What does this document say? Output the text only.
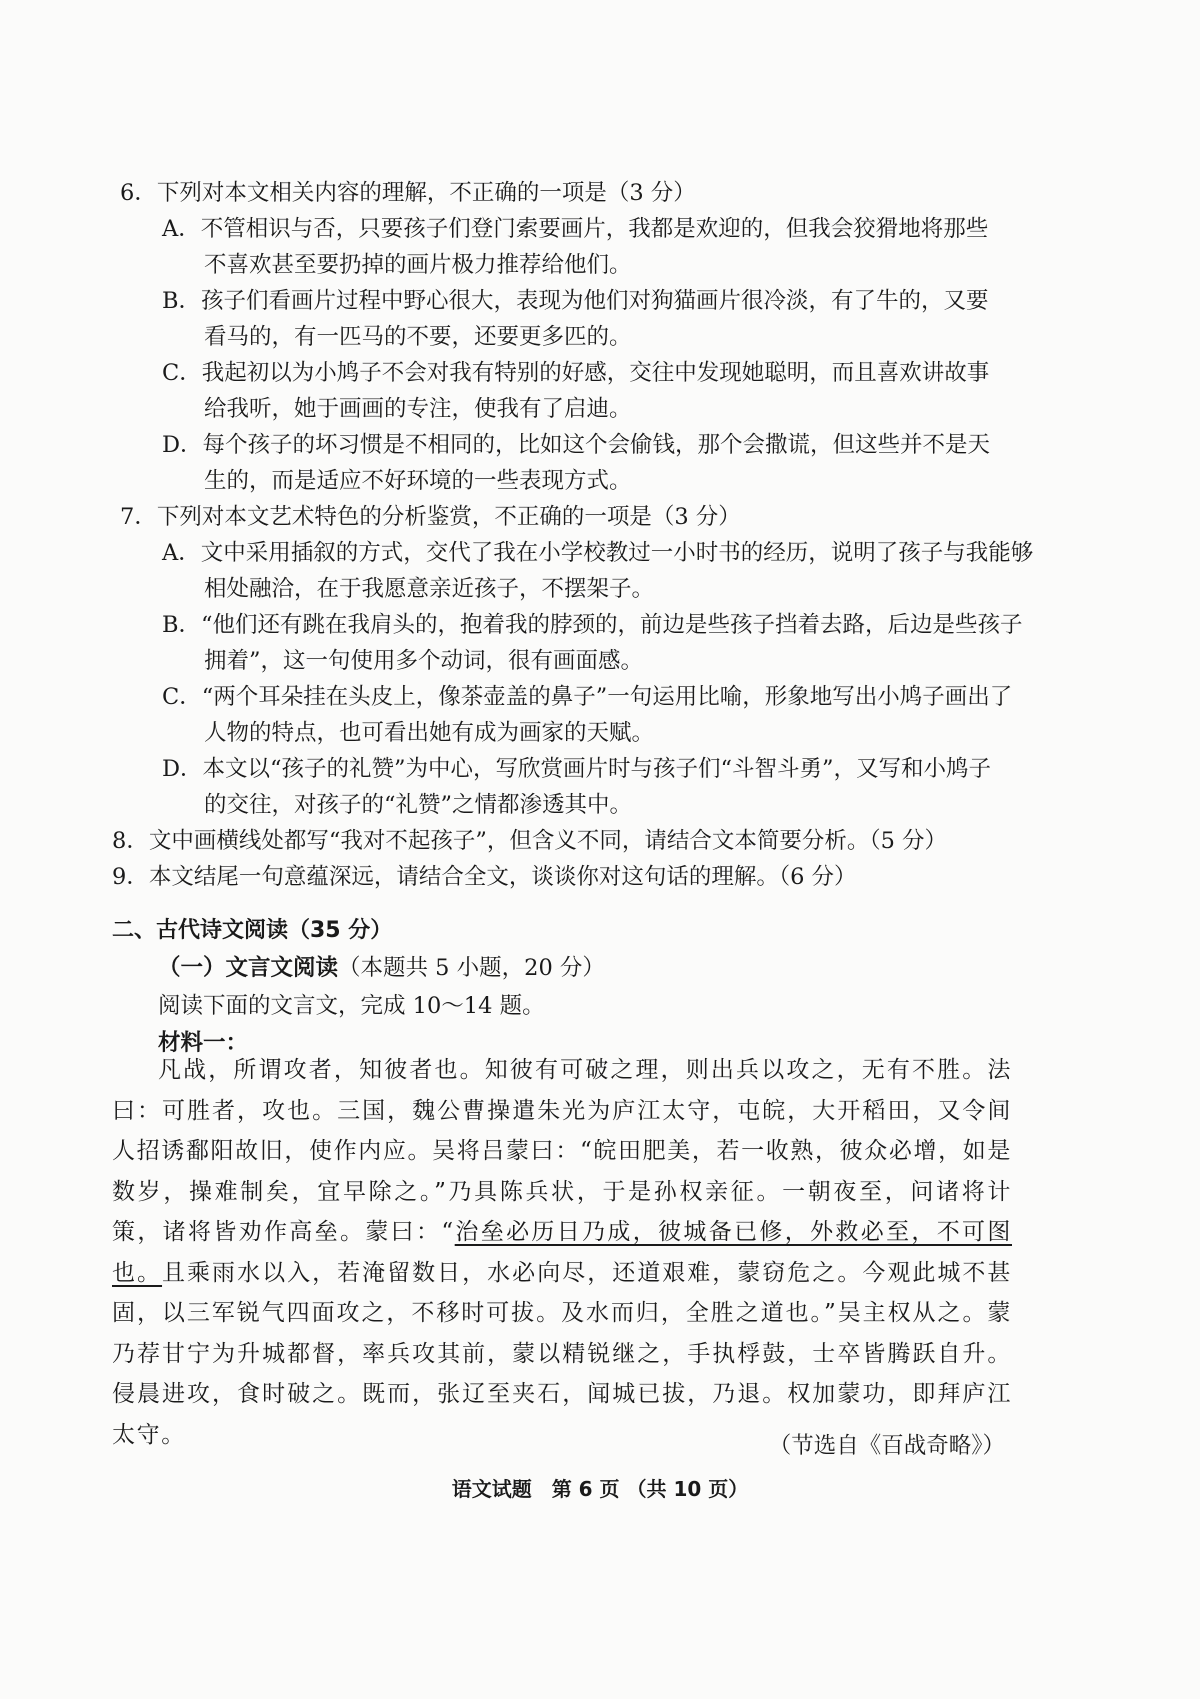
6．下列对本文相关内容的理解，不正确的一项是（3 分）
A．不管相识与否，只要孩子们登门索要画片，我都是欢迎的，但我会狡猾地将那些
不喜欢甚至要扔掉的画片极力推荐给他们。
B．孩子们看画片过程中野心很大，表现为他们对狗猫画片很冷淡，有了牛的，又要
看马的，有一匹马的不要，还要更多匹的。
C．我起初以为小鸠子不会对我有特别的好感，交往中发现她聪明，而且喜欢讲故事
给我听，她于画画的专注，使我有了启迪。
D．每个孩子的坏习惯是不相同的，比如这个会偷钱，那个会撒谎，但这些并不是天
生的，而是适应不好环境的一些表现方式。
7．下列对本文艺术特色的分析鉴赏，不正确的一项是（3 分）
A．文中采用插叙的方式，交代了我在小学校教过一小时书的经历，说明了孩子与我能够
相处融洽，在于我愿意亲近孩子，不摆架子。
B．“他们还有跳在我肩头的，抱着我的脖颈的，前边是些孩子挡着去路，后边是些孩子
拥着”，这一句使用多个动词，很有画面感。
C．“两个耳朵挂在头皮上，像茶壶盖的鼻子”一句运用比喻，形象地写出小鸠子画出了
人物的特点，也可看出她有成为画家的天赋。
D．本文以“孩子的礼赞”为中心，写欣赏画片时与孩子们“斗智斗勇”，又写和小鸠子
的交往，对孩子的“礼赞”之情都渗透其中。
8．文中画横线处都写“我对不起孩子”，但含义不同，请结合文本简要分析。（5 分）
9．本文结尾一句意蕴深远，请结合全文，谈谈你对这句话的理解。（6 分）
二、古代诗文阅读（35 分）
（一）文言文阅读（本题共 5 小题，20 分）
阅读下面的文言文，完成 10～14 题。
材料一：
凡战，所谓攻者，知彼者也。知彼有可破之理，则出兵以攻之，无有不胜。法曰：可胜者，攻也。三国，魏公曹操遣朱光为庐江太守，屯皖，大开稻田，又令间人招诱鄱阳故旧，使作内应。吴将吕蒙曰：“皖田肥美，若一收熟，彼众必增，如是数岁，操难制矣，宜早除之。”乃具陈兵状，于是孙权亲征。一朝夜至，问诸将计策，诸将皆劝作高垒。蒙曰：“治垒必历日乃成，彼城备已修，外救必至，不可图也。且乘雨水以入，若淹留数日，水必向尽，还道艰难，蒙窃危之。今观此城不甚固，以三军锐气四面攻之，不移时可拔。及水而归，全胜之道也。”吴主权从之。蒙乃荐甘宁为升城都督，率兵攻其前，蒙以精锐继之，手执桴鼓，士卒皆腾跃自升。侵晨进攻，食时破之。既而，张辽至夹石，闻城已拔，乃退。权加蒙功，即拜庐江太守。	（节选自《百战奇略》）
语文试题　第 6 页 （共 10 页）
